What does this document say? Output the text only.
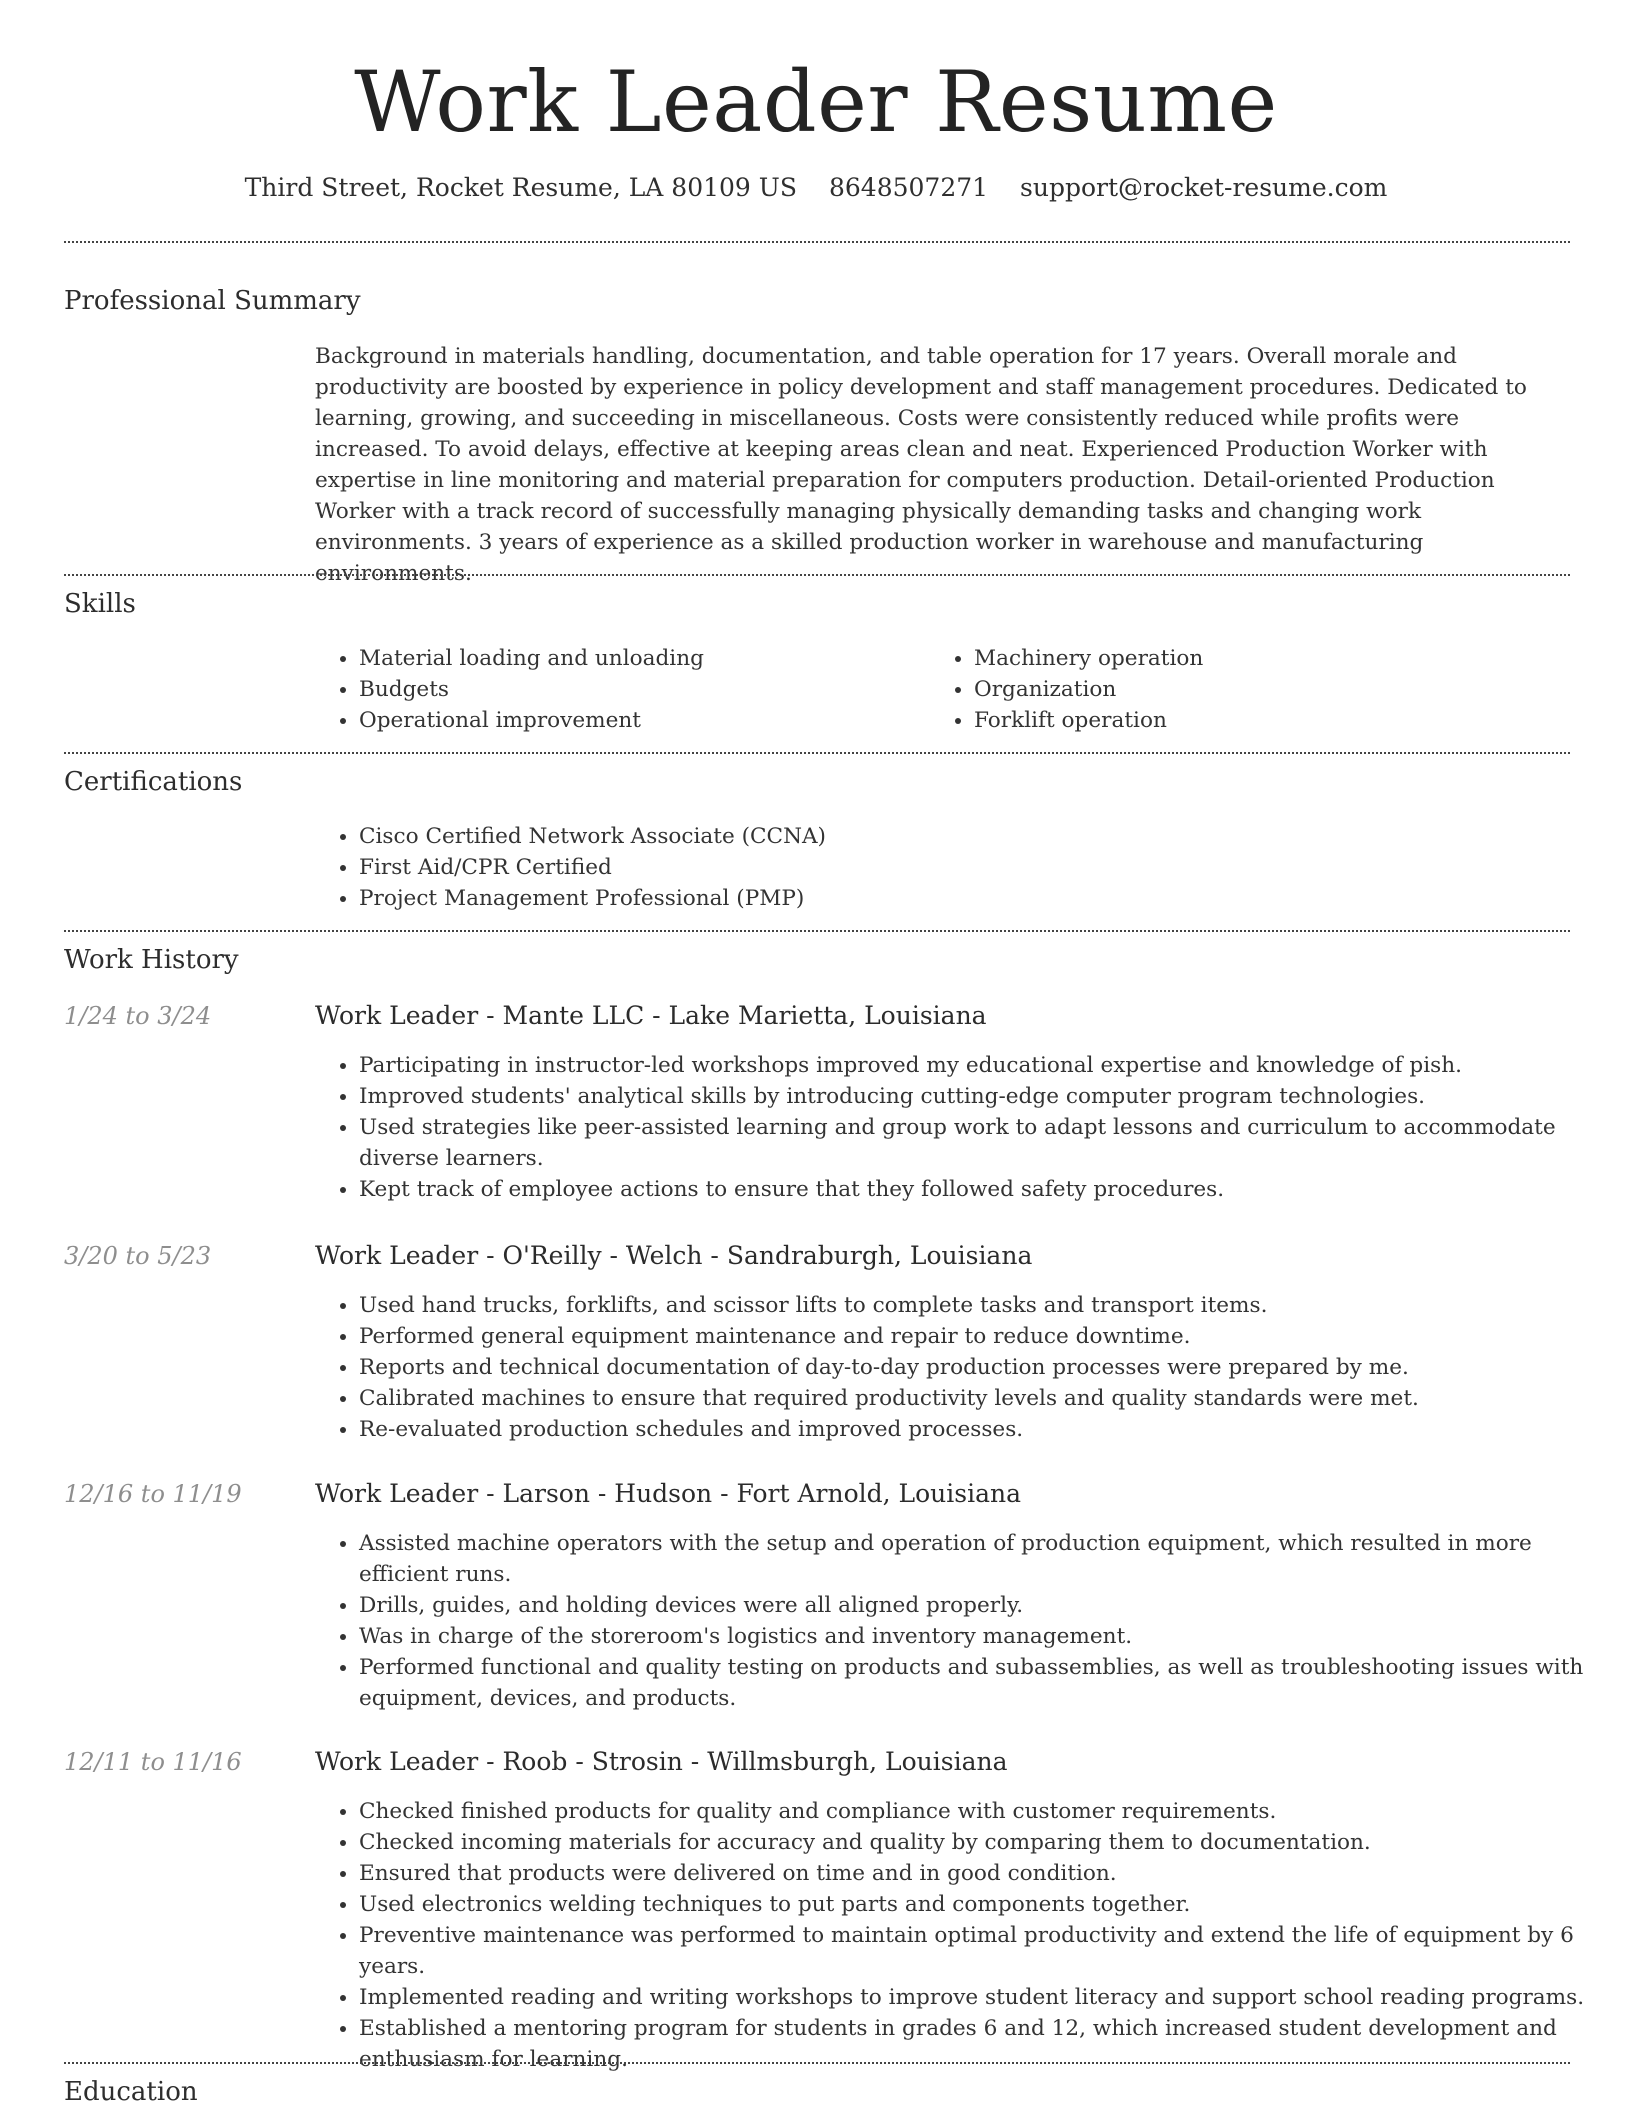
Work Leader Resume
Third Street, Rocket Resume, LA 80109 US 8648507271 support@rocket-resume.com
Professional Summary

Background in materials handling, documentation, and table operation for 17 years. Overall morale and productivity are boosted by experience in policy development and staff management procedures. Dedicated to learning, growing, and succeeding in miscellaneous. Costs were consistently reduced while profits were increased. To avoid delays, effective at keeping areas clean and neat. Experienced Production Worker with expertise in line monitoring and material preparation for computers production. Detail-oriented Production Worker with a track record of successfully managing physically demanding tasks and changing work environments. 3 years of experience as a skilled production worker in warehouse and manufacturing environments.

Skills
• Material loading and unloading
• Budgets
• Operational improvement
• Machinery operation
• Organization
• Forklift operation
Certifications
• Cisco Certified Network Associate (CCNA)
• First Aid/CPR Certified
• Project Management Professional (PMP)
Work History
1/24 to 3/24	Work Leader - Mante LLC - Lake Marietta, Louisiana
• Participating in instructor-led workshops improved my educational expertise and knowledge of pish.
• Improved students' analytical skills by introducing cutting-edge computer program technologies.
• Used strategies like peer-assisted learning and group work to adapt lessons and curriculum to accommodate diverse learners.
• Kept track of employee actions to ensure that they followed safety procedures.
3/20 to 5/23	Work Leader - O'Reilly - Welch - Sandraburgh, Louisiana
• Used hand trucks, forklifts, and scissor lifts to complete tasks and transport items.
• Performed general equipment maintenance and repair to reduce downtime.
• Reports and technical documentation of day-to-day production processes were prepared by me.
• Calibrated machines to ensure that required productivity levels and quality standards were met.
• Re-evaluated production schedules and improved processes.
12/16 to 11/19	Work Leader - Larson - Hudson - Fort Arnold, Louisiana
• Assisted machine operators with the setup and operation of production equipment, which resulted in more efficient runs.
• Drills, guides, and holding devices were all aligned properly.
• Was in charge of the storeroom's logistics and inventory management.
• Performed functional and quality testing on products and subassemblies, as well as troubleshooting issues with equipment, devices, and products.
12/11 to 11/16	Work Leader - Roob - Strosin - Willmsburgh, Louisiana
• Checked finished products for quality and compliance with customer requirements.
• Checked incoming materials for accuracy and quality by comparing them to documentation.
• Ensured that products were delivered on time and in good condition.
• Used electronics welding techniques to put parts and components together.
• Preventive maintenance was performed to maintain optimal productivity and extend the life of equipment by 6 years.
• Implemented reading and writing workshops to improve student literacy and support school reading programs.
• Established a mentoring program for students in grades 6 and 12, which increased student development and enthusiasm for learning.
Education
